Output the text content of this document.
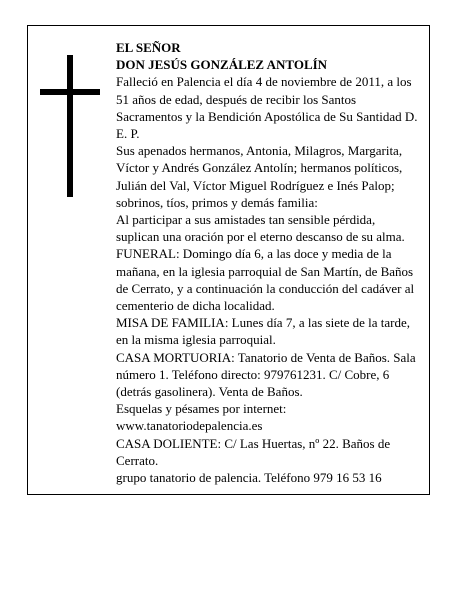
EL SEÑOR

DON JESÚS GONZÁLEZ ANTOLÍN

Falleció en Palencia el día 4 de noviembre de 2011, a los 51 años de edad, después de recibir los Santos Sacramentos y la Bendición Apostólica de Su Santidad D. E. P.

Sus apenados hermanos, Antonia, Milagros, Margarita, Víctor y Andrés González Antolín; hermanos políticos, Julián del Val, Víctor Miguel Rodríguez e Inés Palop; sobrinos, tíos, primos y demás familia:

Al participar a sus amistades tan sensible pérdida, suplican una oración por el eterno descanso de su alma.

FUNERAL: Domingo día 6, a las doce y media de la mañana, en la iglesia parroquial de San Martín, de Baños de Cerrato, y a continuación la conducción del cadáver al cementerio de dicha localidad.

MISA DE FAMILIA: Lunes día 7, a las siete de la tarde, en la misma iglesia parroquial.

CASA MORTUORIA: Tanatorio de Venta de Baños. Sala número 1. Teléfono directo: 979761231. C/ Cobre, 6 (detrás gasolinera). Venta de Baños.

Esquelas y pésames por internet: www.tanatoriodepalencia.es

CASA DOLIENTE: C/ Las Huertas, nº 22. Baños de Cerrato.

grupo tanatorio de palencia. Teléfono 979 16 53 16
